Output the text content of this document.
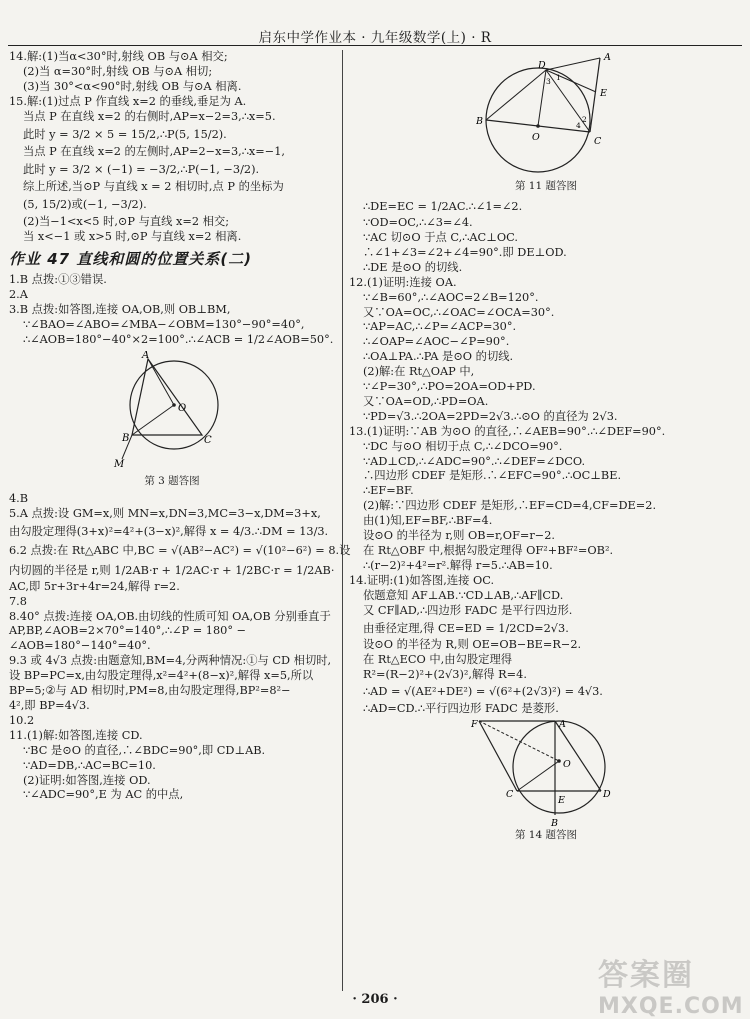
启东中学作业本 · 九年级数学(上) · R
14.解:(1)当α<30°时,射线 OB 与⊙A 相交;
(2)当 α=30°时,射线 OB 与⊙A 相切;
(3)当 30°<α<90°时,射线 OB 与⊙A 相离.
15.解:(1)过点 P 作直线 x=2 的垂线,垂足为 A.
当点 P 在直线 x=2 的右侧时,AP=x−2=3,∴x=5.
此时 y = 3/2 × 5 = 15/2,∴P(5, 15/2).
当点 P 在直线 x=2 的左侧时,AP=2−x=3,∴x=−1,
此时 y = 3/2 × (−1) = −3/2,∴P(−1, −3/2).
综上所述,当⊙P 与直线 x = 2 相切时,点 P 的坐标为
(5, 15/2)或(−1, −3/2).
(2)当−1<x<5 时,⊙P 与直线 x=2 相交;
当 x<−1 或 x>5 时,⊙P 与直线 x=2 相离.
作业 47 直线和圆的位置关系(二)
1.B 点拨:①③错误.
2.A
3.B 点拨:如答图,连接 OA,OB,则 OB⊥BM,
∵∠BAO=∠ABO=∠MBA−∠OBM=130°−90°=40°,
∴∠AOB=180°−40°×2=100°.∴∠ACB = 1/2∠AOB=50°.
A
B	C
O
M
第 3 题答图
4.B
5.A 点拨:设 GM=x,则 MN=x,DN=3,MC=3−x,DM=3+x,
由勾股定理得(3+x)²=4²+(3−x)²,解得 x = 4/3.∴DM = 13/3.
6.2 点拨:在 Rt△ABC 中,BC = √(AB²−AC²) = √(10²−6²) = 8.设
内切圆的半径是 r,则 1/2AB·r + 1/2AC·r + 1/2BC·r = 1/2AB·
AC,即 5r+3r+4r=24,解得 r=2.
7.8
8.40° 点拨:连接 OA,OB.由切线的性质可知 OA,OB 分别垂直于
AP,BP,∠AOB=2×70°=140°,∴∠P = 180° −
∠AOB=180°−140°=40°.
9.3 或 4√3 点拨:由题意知,BM=4,分两种情况:①与 CD 相切时,
设 BP=PC=x,由勾股定理得,x²=4²+(8−x)²,解得 x=5,所以
BP=5;②与 AD 相切时,PM=8,由勾股定理得,BP²=8²−
4²,即 BP=4√3.
10.2
11.(1)解:如答图,连接 CD.
∵BC 是⊙O 的直径,∴∠BDC=90°,即 CD⊥AB.
∵AD=DB,∴AC=BC=10.
(2)证明:如答图,连接 OD.
∵∠ADC=90°,E 为 AC 的中点,
A
B
C
D
E
O
1
2
3
4
第 11 题答图
∴DE=EC = 1/2AC.∴∠1=∠2.
∵OD=OC,∴∠3=∠4.
∵AC 切⊙O 于点 C,∴AC⊥OC.
∴∠1+∠3=∠2+∠4=90°.即 DE⊥OD.
∴DE 是⊙O 的切线.
12.(1)证明:连接 OA.
∵∠B=60°,∴∠AOC=2∠B=120°.
又∵OA=OC,∴∠OAC=∠OCA=30°.
∵AP=AC,∴∠P=∠ACP=30°.
∴∠OAP=∠AOC−∠P=90°.
∴OA⊥PA.∴PA 是⊙O 的切线.
(2)解:在 Rt△OAP 中,
∵∠P=30°,∴PO=2OA=OD+PD.
又∵OA=OD,∴PD=OA.
∵PD=√3.∴2OA=2PD=2√3.∴⊙O 的直径为 2√3.
13.(1)证明:∵AB 为⊙O 的直径,∴∠AEB=90°.∴∠DEF=90°.
∵DC 与⊙O 相切于点 C,∴∠DCO=90°.
∵AD⊥CD,∴∠ADC=90°.∴∠DEF=∠DCO.
∴四边形 CDEF 是矩形.∴∠EFC=90°.∴OC⊥BE.
∴EF=BF.
(2)解:∵四边形 CDEF 是矩形,∴EF=CD=4,CF=DE=2.
由(1)知,EF=BF,∴BF=4.
设⊙O 的半径为 r,则 OB=r,OF=r−2.
在 Rt△OBF 中,根据勾股定理得 OF²+BF²=OB².
∴(r−2)²+4²=r².解得 r=5.∴AB=10.
14.证明:(1)如答图,连接 OC.
依题意知 AF⊥AB.∵CD⊥AB,∴AF∥CD.
又 CF∥AD,∴四边形 FADC 是平行四边形.
由垂径定理,得 CE=ED = 1/2CD=2√3.
设⊙O 的半径为 R,则 OE=OB−BE=R−2.
在 Rt△ECO 中,由勾股定理得
R²=(R−2)²+(2√3)²,解得 R=4.
∴AD = √(AE²+DE²) = √(6²+(2√3)²) = 4√3.
∴AD=CD.∴平行四边形 FADC 是菱形.
A
B
C	D
E
F
O
第 14 题答图
· 206 ·
答案圈
MXQE.COM
